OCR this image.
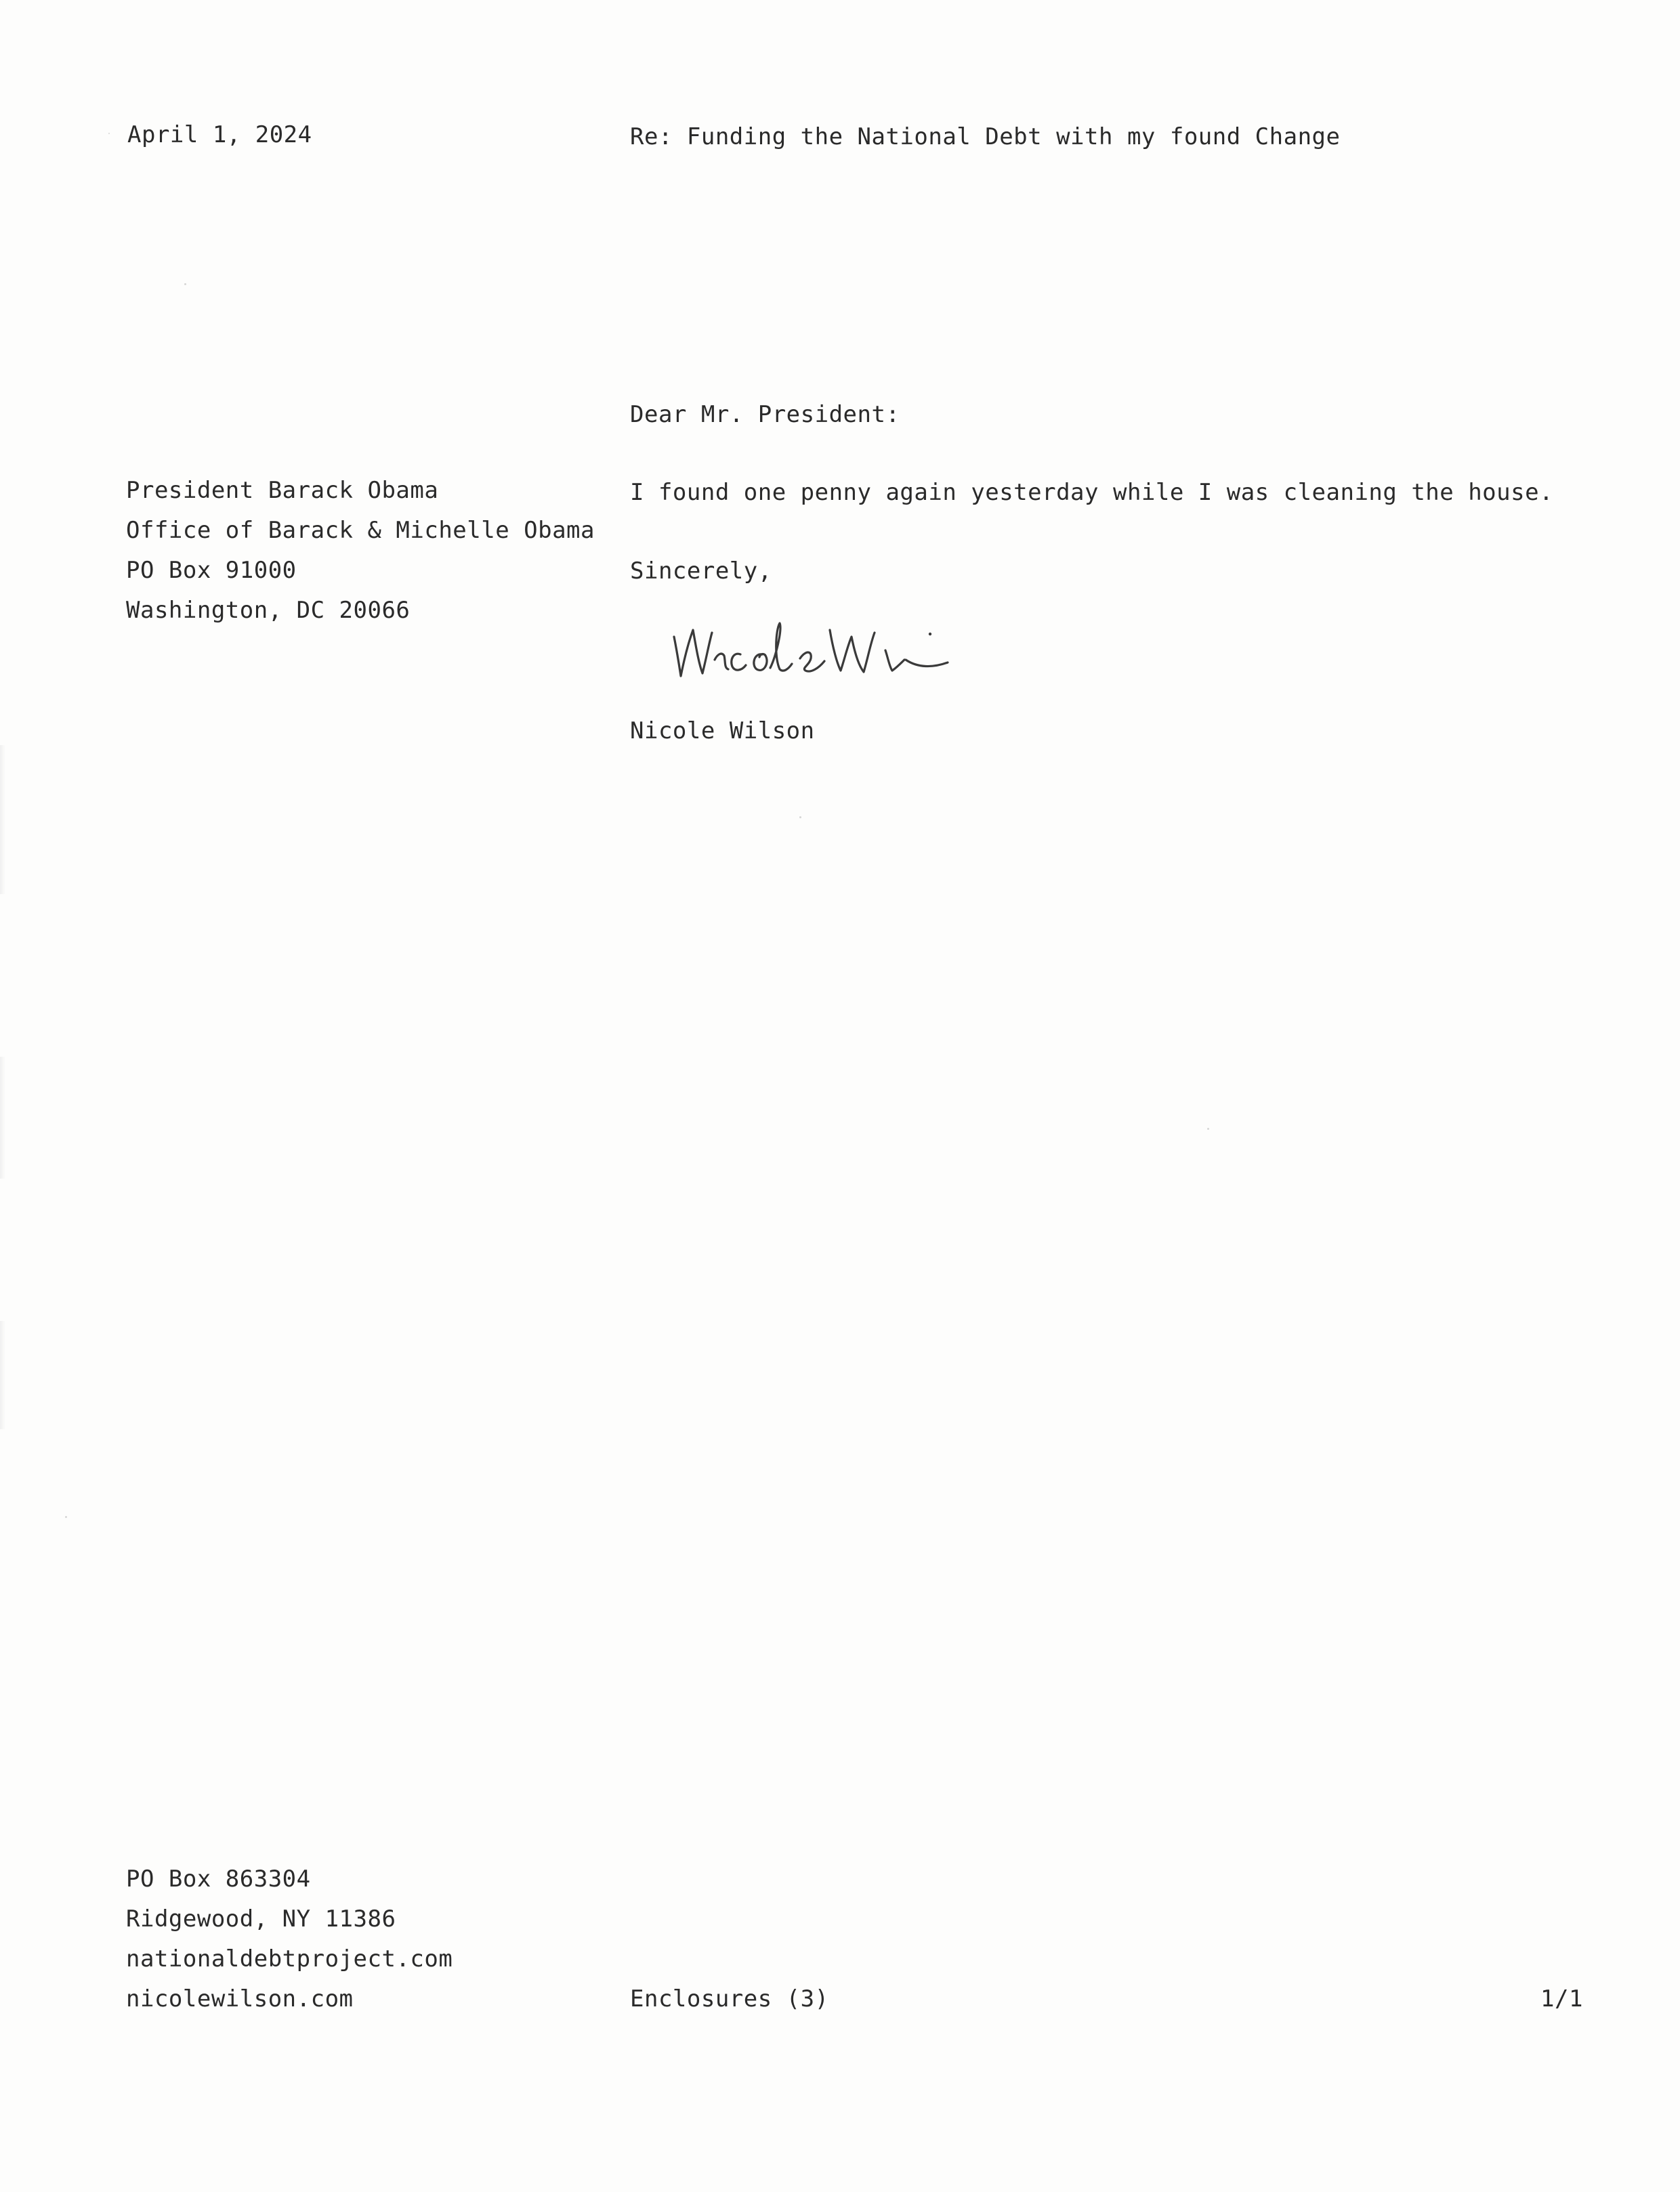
April 1, 2024	Re: Funding the National Debt with my found Change
Dear Mr. President:
President Barack Obama
Office of Barack & Michelle Obama
PO Box 91000
Washington, DC 20066
I found one penny again yesterday while I was cleaning the house.
Sincerely,
Nicole Wilson
PO Box 863304
Ridgewood, NY 11386
nationaldebtproject.com
nicolewilson.com	Enclosures (3)	1/1
